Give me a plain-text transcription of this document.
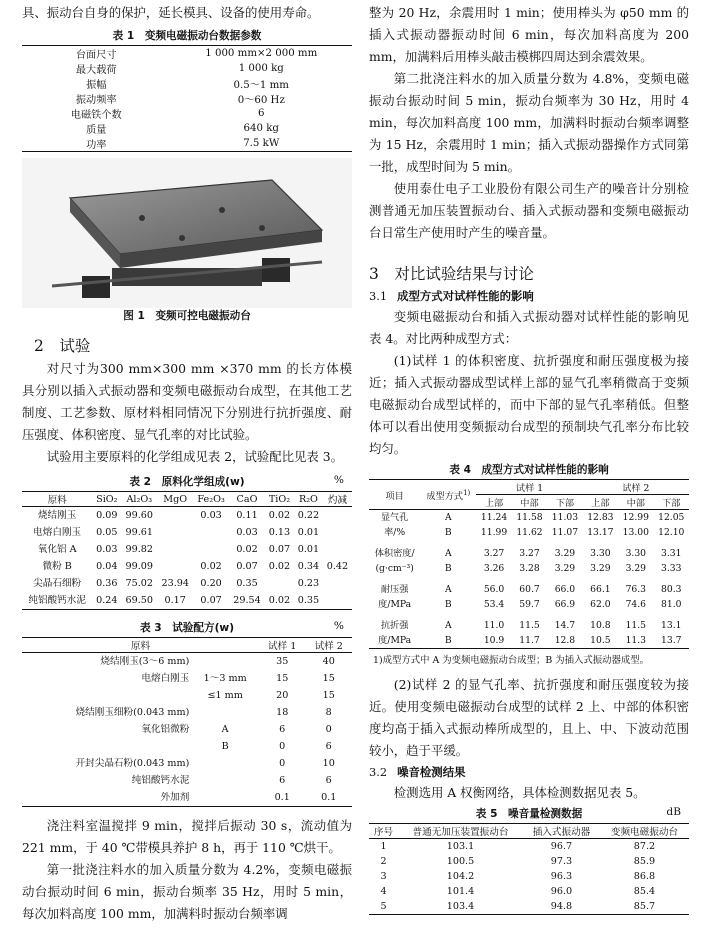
具、振动台自身的保护，延长模具、设备的使用寿命。

表 1　变频电磁振动台数据参数
台面尺寸	1 000 mm×2 000 mm
最大载荷	1 000 kg
振幅	0.5～1 mm
振动频率	0～60 Hz
电磁铁个数	6
质量	640 kg
功率	7.5 kW
图 1　变频可控电磁振动台
2　试验

对尺寸为300 mm×300 mm ×370 mm 的长方体模具分别以插入式振动器和变频电磁振动台成型，在其他工艺制度、工艺参数、原材料相同情况下分别进行抗折强度、耐压强度、体积密度、显气孔率的对比试验。

试验用主要原料的化学组成见表 2，试验配比见表 3。

表 2　原料化学组成(w)	%
原料	SiO₂	Al₂O₃	MgO	Fe₂O₃	CaO	TiO₂	R₂O	灼减
烧结刚玉	0.09	99.60		0.03	0.11	0.02	0.22	
电熔白刚玉	0.05	99.61			0.03	0.13	0.01	
氧化铝 A	0.03	99.82			0.02	0.07	0.01	
微粉 B	0.04	99.09		0.02	0.07	0.02	0.34	0.42
尖晶石细粉	0.36	75.02	23.94	0.20	0.35		0.23	
纯铝酸钙水泥	0.24	69.50	0.17	0.07	29.54	0.02	0.35	
表 3　试验配方(w)	%
原料		试样 1	试样 2
烧结刚玉(3～6 mm)		35	40
电熔白刚玉	1～3 mm	15	15
	≤1 mm	20	15
烧结刚玉细粉(0.043 mm)		18	8
氧化铝微粉	A	6	0
	B	0	6
开封尖晶石粉(0.043 mm)		0	10
纯铝酸钙水泥		6	6
外加剂		0.1	0.1

浇注料室温搅拌 9 min，搅拌后振动 30 s，流动值为 221 mm，于 40 ℃带模具养护 8 h，再于 110 ℃烘干。

第一批浇注料水的加入质量分数为 4.2%，变频电磁振动台振动时间 6 min，振动台频率 35 Hz，用时 5 min，每次加料高度 100 mm，加满料时振动台频率调

整为 20 Hz，余震用时 1 min；使用棒头为 φ50 mm 的插入式振动器振动时间 6 min，每次加料高度为 200 mm，加满料后用棒头敲击模梆四周达到余震效果。

第二批浇注料水的加入质量分数为 4.8%，变频电磁振动台振动时间 5 min，振动台频率为 30 Hz，用时 4 min，每次加料高度 100 mm，加满料时振动台频率调整为 15 Hz，余震用时 1 min；插入式振动器操作方式同第一批，成型时间为 5 min。

使用泰仕电子工业股份有限公司生产的噪音计分别检测普通无加压装置振动台、插入式振动器和变频电磁振动台日常生产使用时产生的噪音量。

3　对比试验结果与讨论
3.1 成型方式对试样性能的影响

变频电磁振动台和插入式振动器对试样性能的影响见表 4。对比两种成型方式：

(1)试样 1 的体积密度、抗折强度和耐压强度极为接近；插入式振动器成型试样上部的显气孔率稍微高于变频电磁振动台成型试样的，而中下部的显气孔率稍低。但整体可以看出使用变频振动台成型的预制块气孔率分布比较均匀。

表 4　成型方式对试样性能的影响
项目	成型方式$^{1)}$	试样 1			试样 2		
		上部	中部	下部	上部	中部	下部
显气孔	A	11.24	11.58	11.03	12.83	12.99	12.05
率/%	B	11.99	11.62	11.07	13.17	13.00	12.10
体积密度/	A	3.27	3.27	3.29	3.30	3.30	3.31
(g·cm⁻³)	B	3.26	3.28	3.29	3.29	3.29	3.33
耐压强	A	56.0	60.7	66.0	66.1	76.3	80.3
度/MPa	B	53.4	59.7	66.9	62.0	74.6	81.0
抗折强	A	11.0	11.5	14.7	10.8	11.5	13.1
度/MPa	B	10.9	11.7	12.8	10.5	11.3	13.7
1)成型方式中 A 为变频电磁振动台成型；B 为插入式振动器成型。

(2)试样 2 的显气孔率、抗折强度和耐压强度较为接近。使用变频电磁振动台成型的试样 2 上、中部的体积密度均高于插入式振动棒所成型的，且上、中、下波动范围较小，趋于平缓。

3.2 噪音检测结果

检测选用 A 权衡网络，具体检测数据见表 5。

表 5　噪音量检测数据	dB
序号	普通无加压装置振动台	插入式振动器	变频电磁振动台
1	103.1	96.7	87.2
2	100.5	97.3	85.9
3	104.2	96.3	86.8
4	101.4	96.0	85.4
5	103.4	94.8	85.7
